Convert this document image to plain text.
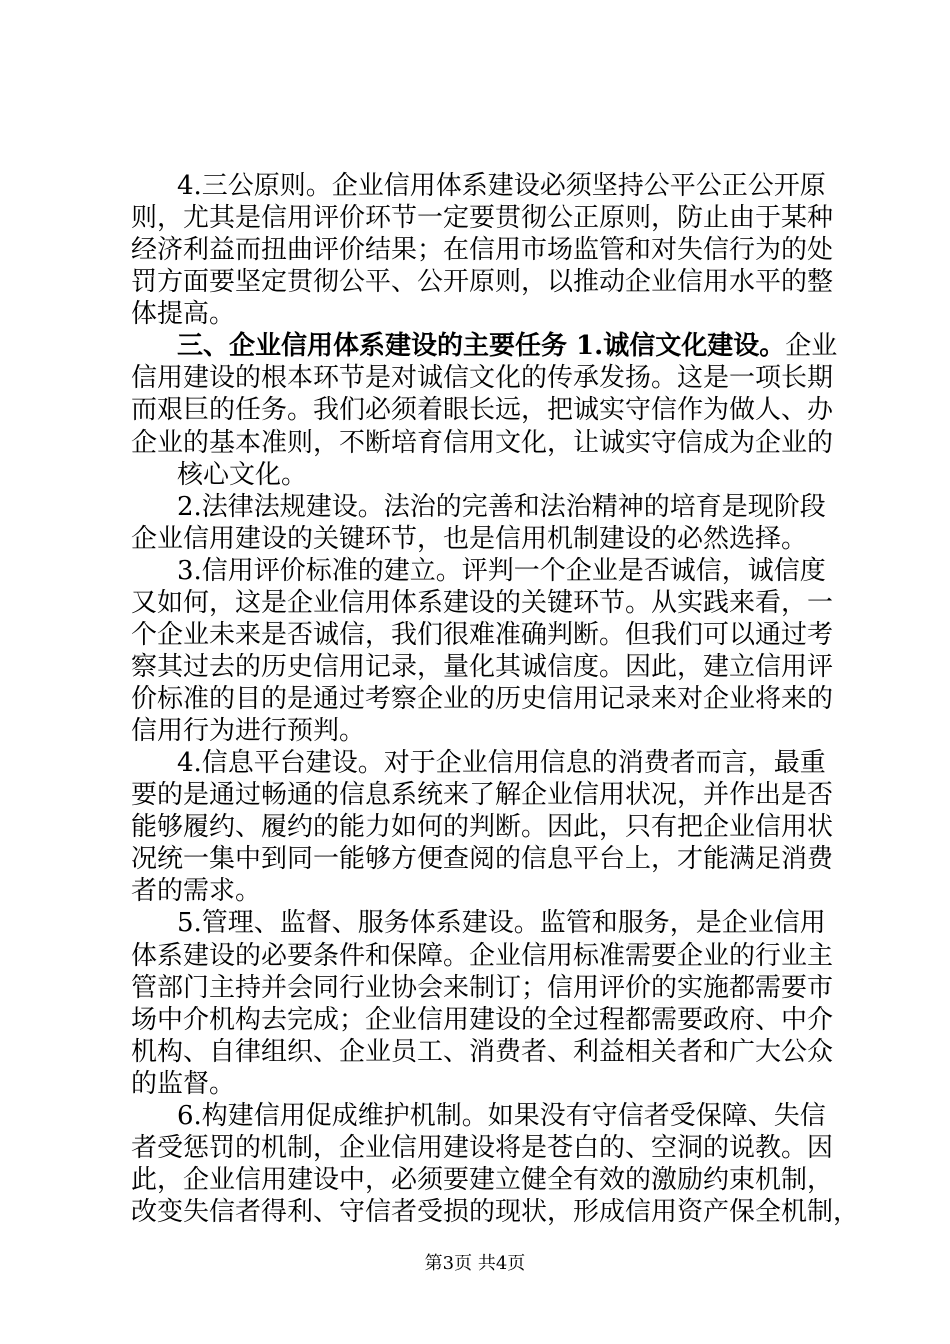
4.三公原则。企业信用体系建设必须坚持公平公正公开原
则，尤其是信用评价环节一定要贯彻公正原则，防止由于某种
经济利益而扭曲评价结果；在信用市场监管和对失信行为的处
罚方面要坚定贯彻公平、公开原则，以推动企业信用水平的整
体提高。
三、企业信用体系建设的主要任务 1.诚信文化建设。企业
信用建设的根本环节是对诚信文化的传承发扬。这是一项长期
而艰巨的任务。我们必须着眼长远，把诚实守信作为做人、办
企业的基本准则，不断培育信用文化，让诚实守信成为企业的
核心文化。
2.法律法规建设。法治的完善和法治精神的培育是现阶段
企业信用建设的关键环节，也是信用机制建设的必然选择。
3.信用评价标准的建立。评判一个企业是否诚信，诚信度
又如何，这是企业信用体系建设的关键环节。从实践来看，一
个企业未来是否诚信，我们很难准确判断。但我们可以通过考
察其过去的历史信用记录，量化其诚信度。因此，建立信用评
价标准的目的是通过考察企业的历史信用记录来对企业将来的
信用行为进行预判。
4.信息平台建设。对于企业信用信息的消费者而言，最重
要的是通过畅通的信息系统来了解企业信用状况，并作出是否
能够履约、履约的能力如何的判断。因此，只有把企业信用状
况统一集中到同一能够方便查阅的信息平台上，才能满足消费
者的需求。
5.管理、监督、服务体系建设。监管和服务，是企业信用
体系建设的必要条件和保障。企业信用标准需要企业的行业主
管部门主持并会同行业协会来制订；信用评价的实施都需要市
场中介机构去完成；企业信用建设的全过程都需要政府、中介
机构、自律组织、企业员工、消费者、利益相关者和广大公众
的监督。
6.构建信用促成维护机制。如果没有守信者受保障、失信
者受惩罚的机制，企业信用建设将是苍白的、空洞的说教。因
此，企业信用建设中，必须要建立健全有效的激励约束机制，
改变失信者得利、守信者受损的现状，形成信用资产保全机制，
第3页 共4页
